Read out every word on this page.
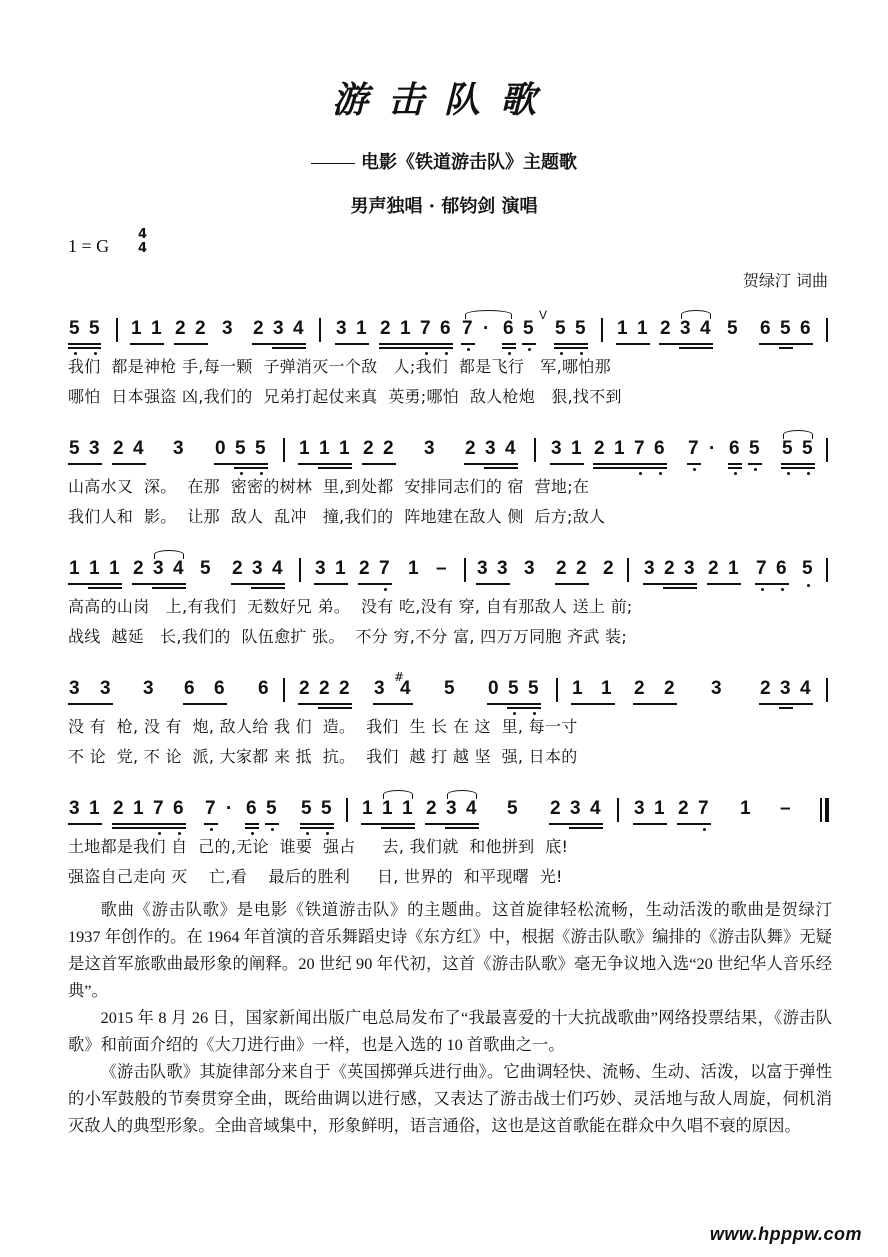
游击队歌
电影《铁道游击队》主题歌
男声独唱 · 郁钧剑 演唱
1 = G
4
4
贺绿汀 词曲
5 5 1 1 2 2 3 2 3 4 3 1 2 1 7 6 7 · 6 5
V
5 5 1 1 2 3 4 5 6 5 6
我们  都是神枪 手,每一颗  子弹消灭一个敌   人;我们  都是飞行   军,哪怕那
哪怕  日本强盗 凶,我们的  兄弟打起仗来真  英勇;哪怕  敌人枪炮   狠,找不到
5 3 2 4 3 0 5 5 1 1 1 2 2 3 2 3 4 3 1 2 1 7 6 7 · 6 5 5 5
山高水又  深。  在那  密密的树林  里,到处都  安排同志们的 宿  营地;在
我们人和  影。  让那  敌人  乱冲   撞,我们的  阵地建在敌人 侧  后方;敌人
1 1 1 2 3 4 5 2 3 4 3 1 2 7 1 – 3 3 3 2 2 2 3 2 3 2 1 7 6 5
高高的山岗   上,有我们  无数好兄 弟。  没有 吃,没有 穿, 自有那敌人 送上 前;
战线  越延   长,我们的  队伍愈扩 张。  不分 穷,不分 富, 四万万同胞 齐武 装;
3 3 3 6 6 6 2 2 2 3
#
4 5 0 5 5 1 1 2 2 3 2 3 4
没 有  枪, 没 有  炮, 敌人给 我 们  造。  我们  生 长 在 这  里, 每一寸
不 论  党, 不 论  派, 大家都 来 抵  抗。  我们  越 打 越 坚  强, 日本的
3 1 2 1 7 6 7 · 6 5 5 5 1 1 1 2 3 4 5 2 3 4 3 1 2 7 1 –
土地都是我们 自  己的,无论  谁要  强占     去, 我们就  和他拼到  底!
强盗自己走向 灭    亡,看    最后的胜利     日, 世界的  和平现曙  光!

歌曲《游击队歌》是电影《铁道游击队》的主题曲。这首旋律轻松流畅，生动活泼的歌曲是贺绿汀 1937 年创作的。在 1964 年首演的音乐舞蹈史诗《东方红》中，根据《游击队歌》编排的《游击队舞》无疑是这首军旅歌曲最形象的阐释。20 世纪 90 年代初，这首《游击队歌》毫无争议地入选“20 世纪华人音乐经典”。

2015 年 8 月 26 日，国家新闻出版广电总局发布了“我最喜爱的十大抗战歌曲”网络投票结果，《游击队歌》和前面介绍的《大刀进行曲》一样，也是入选的 10 首歌曲之一。

《游击队歌》其旋律部分来自于《英国掷弹兵进行曲》。它曲调轻快、流畅、生动、活泼，以富于弹性的小军鼓般的节奏贯穿全曲，既给曲调以进行感，又表达了游击战士们巧妙、灵活地与敌人周旋，伺机消灭敌人的典型形象。全曲音域集中，形象鲜明，语言通俗，这也是这首歌能在群众中久唱不衰的原因。

www.hpppw.com
